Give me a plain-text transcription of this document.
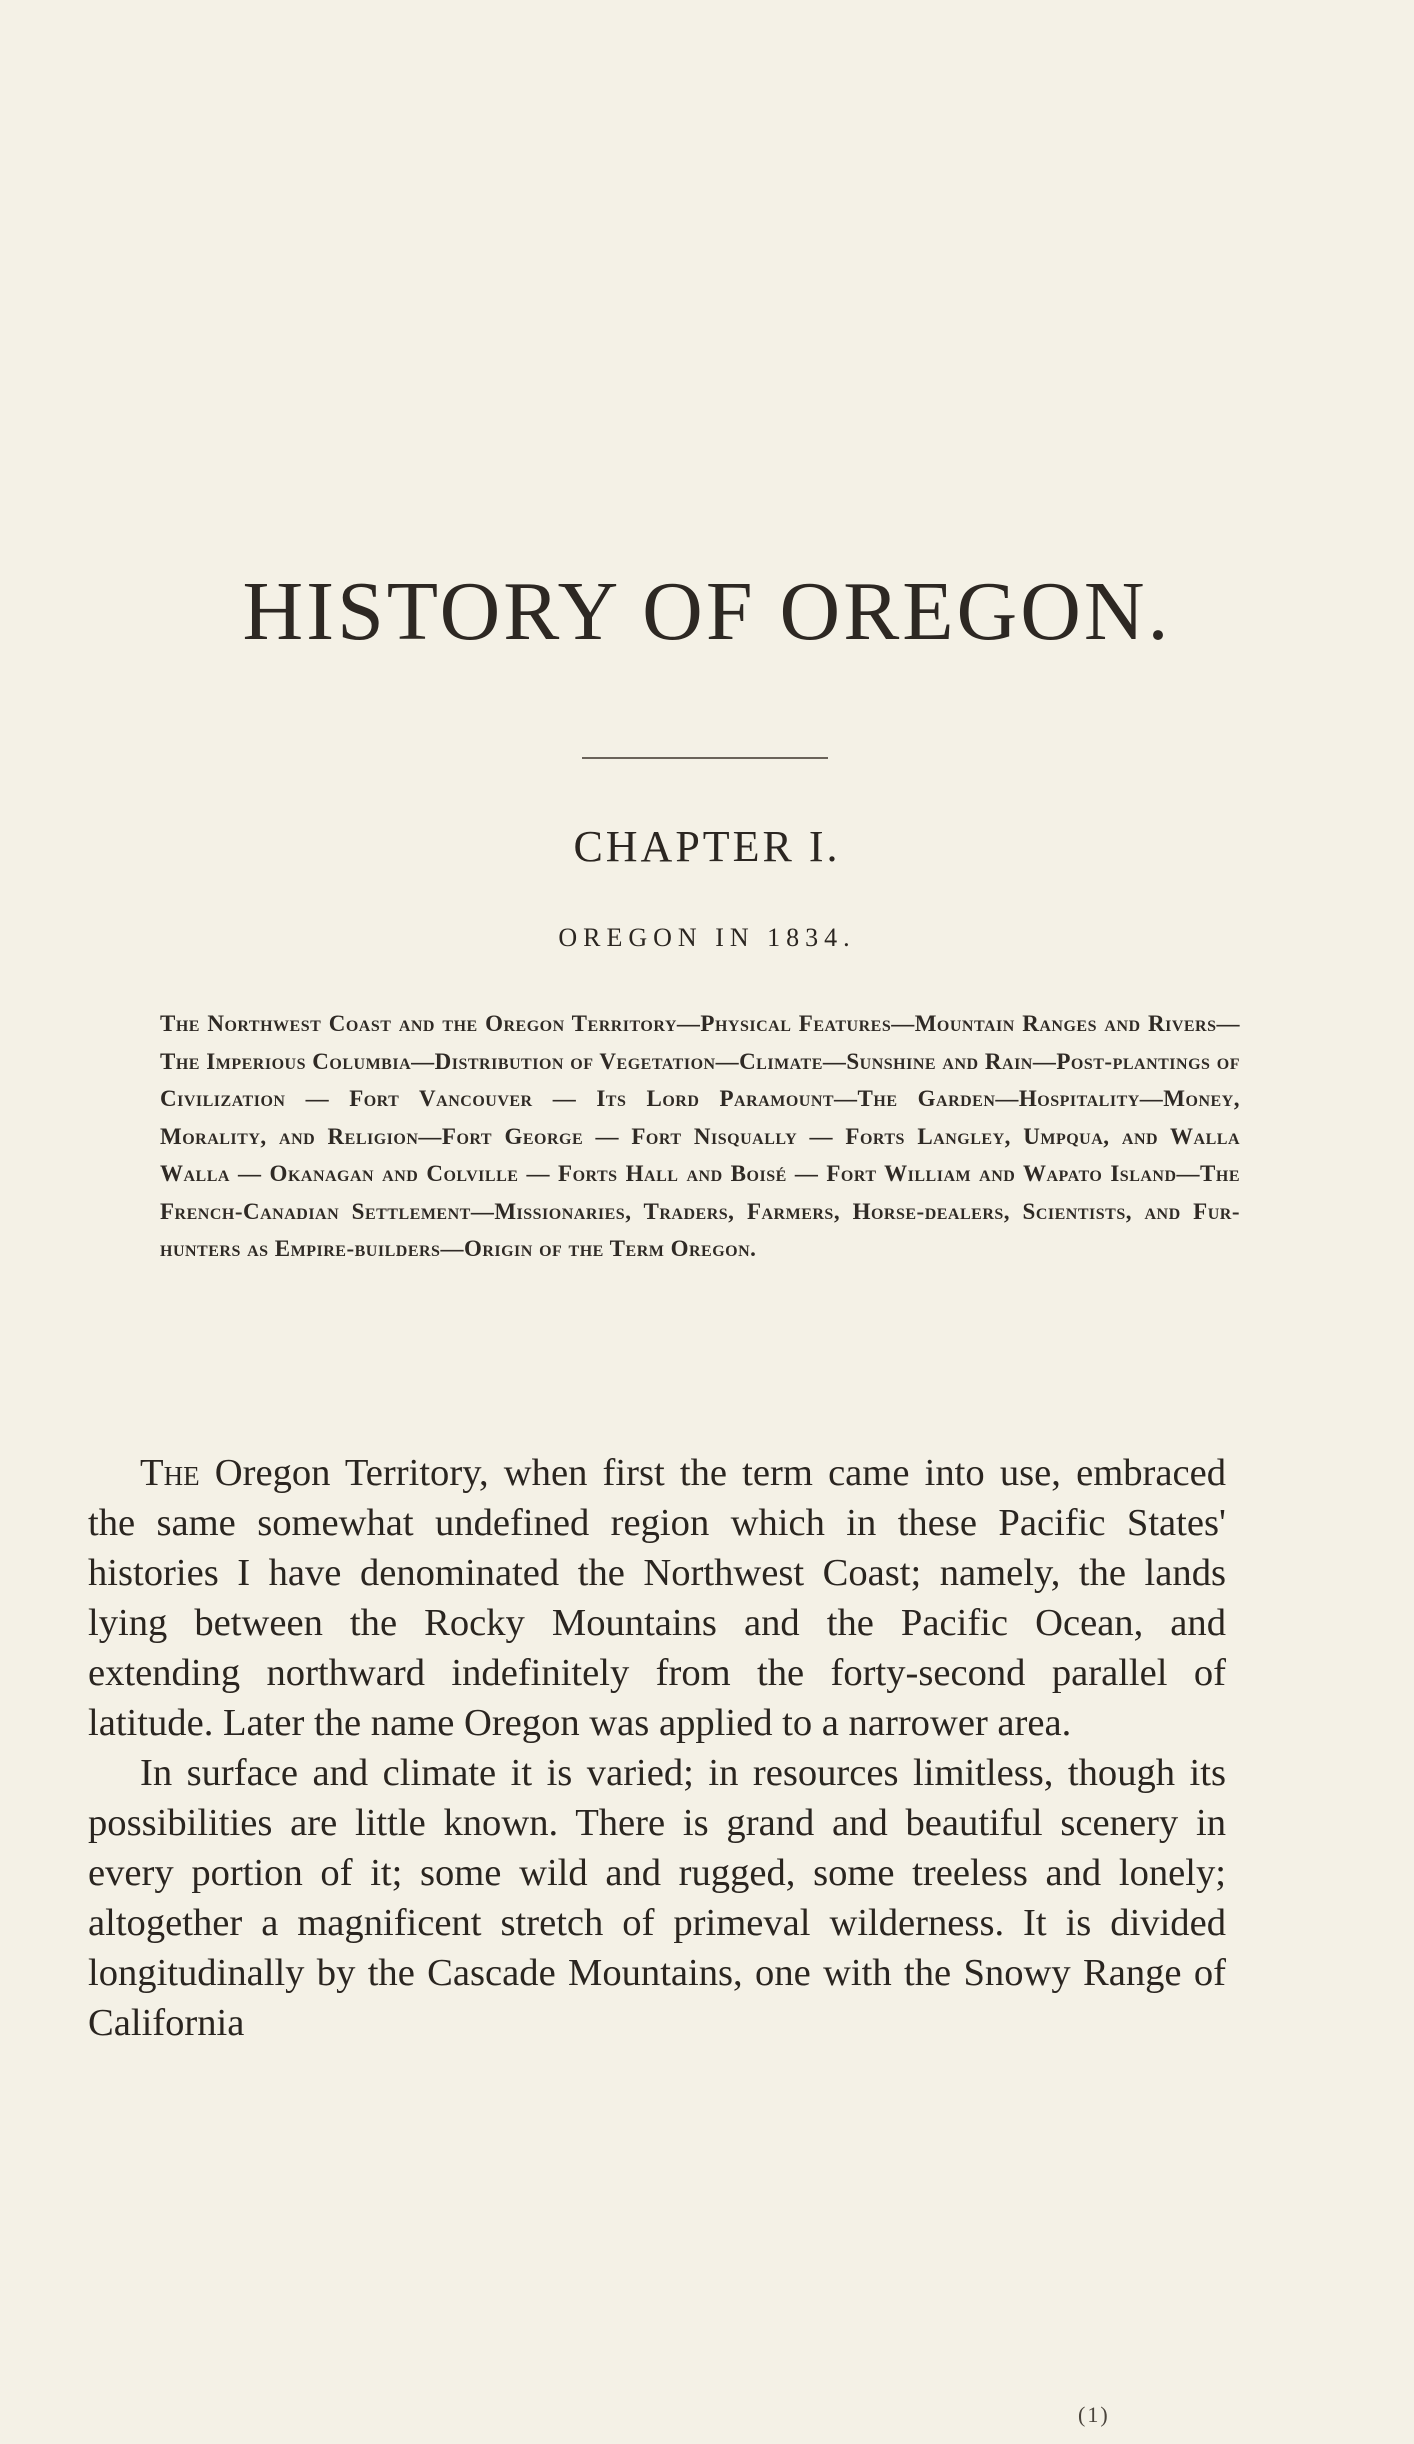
HISTORY OF OREGON.
CHAPTER I.
OREGON IN 1834.

The Northwest Coast and the Oregon Territory—Physical Features—Mountain Ranges and Rivers—The Imperious Columbia—Distribution of Vegetation—Climate—Sunshine and Rain—Post-plantings of Civilization — Fort Vancouver — Its Lord Paramount—The Garden—Hospitality—Money, Morality, and Religion—Fort George — Fort Nisqually — Forts Langley, Umpqua, and Walla Walla — Okanagan and Colville — Forts Hall and Boisé — Fort William and Wapato Island—The French-Canadian Settlement—Missionaries, Traders, Farmers, Horse-dealers, Scientists, and Fur-hunters as Empire-builders—Origin of the Term Oregon.

The Oregon Territory, when first the term came into use, embraced the same somewhat undefined region which in these Pacific States' histories I have denominated the Northwest Coast; namely, the lands lying between the Rocky Mountains and the Pacific Ocean, and extending northward indefinitely from the forty-second parallel of latitude. Later the name Oregon was applied to a narrower area.

In surface and climate it is varied; in resources limitless, though its possibilities are little known. There is grand and beautiful scenery in every portion of it; some wild and rugged, some treeless and lonely; altogether a magnificent stretch of primeval wilderness. It is divided longitudinally by the Cascade Mountains, one with the Snowy Range of California

(1)
